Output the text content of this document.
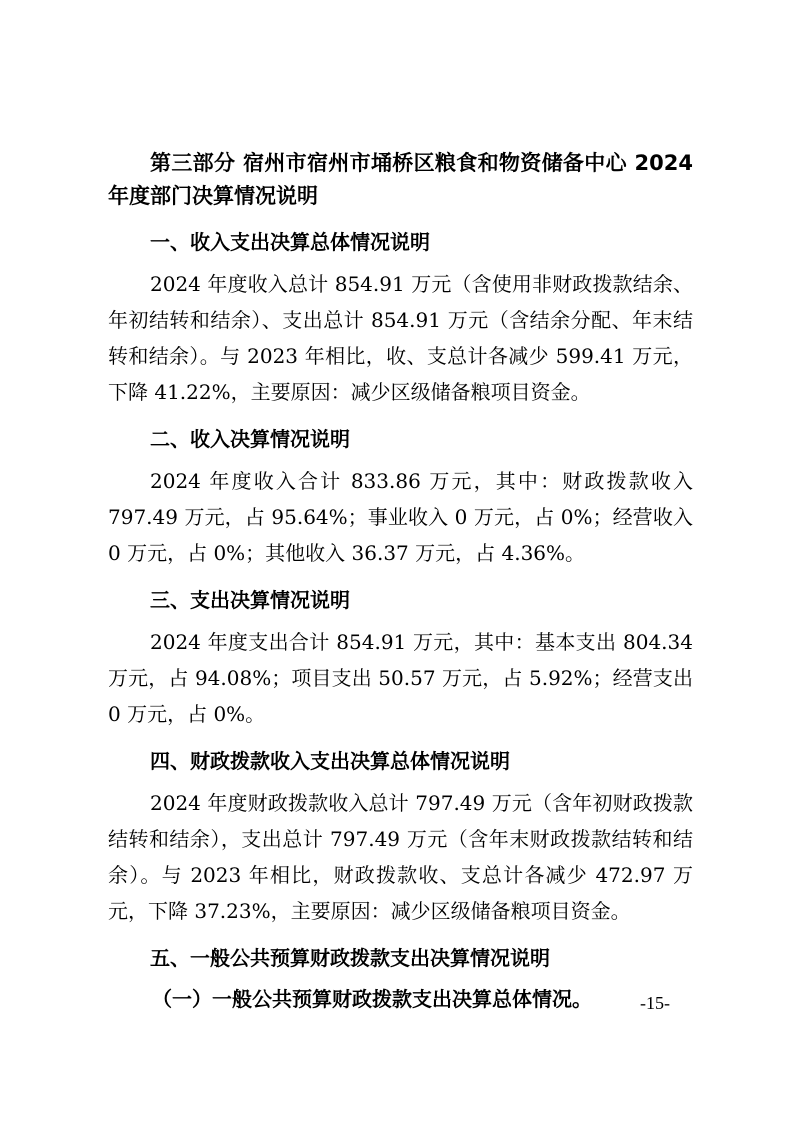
第三部分 宿州市宿州市埇桥区粮食和物资储备中心 2024 年度部门决算情况说明

一、收入支出决算总体情况说明

2024 年度收入总计 854.91 万元（含使用非财政拨款结余、年初结转和结余）、支出总计 854.91 万元（含结余分配、年末结转和结余）。与 2023 年相比，收、支总计各减少 599.41 万元，下降 41.22%，主要原因：减少区级储备粮项目资金。

二、收入决算情况说明

2024 年度收入合计 833.86 万元，其中：财政拨款收入 797.49 万元，占 95.64%；事业收入 0 万元，占 0%；经营收入 0 万元，占 0%；其他收入 36.37 万元，占 4.36%。

三、支出决算情况说明

2024 年度支出合计 854.91 万元，其中：基本支出 804.34 万元，占 94.08%；项目支出 50.57 万元，占 5.92%；经营支出 0 万元，占 0%。

四、财政拨款收入支出决算总体情况说明

2024 年度财政拨款收入总计 797.49 万元（含年初财政拨款结转和结余），支出总计 797.49 万元（含年末财政拨款结转和结余）。与 2023 年相比，财政拨款收、支总计各减少 472.97 万元，下降 37.23%，主要原因：减少区级储备粮项目资金。

五、一般公共预算财政拨款支出决算情况说明

（一）一般公共预算财政拨款支出决算总体情况。	-15-
